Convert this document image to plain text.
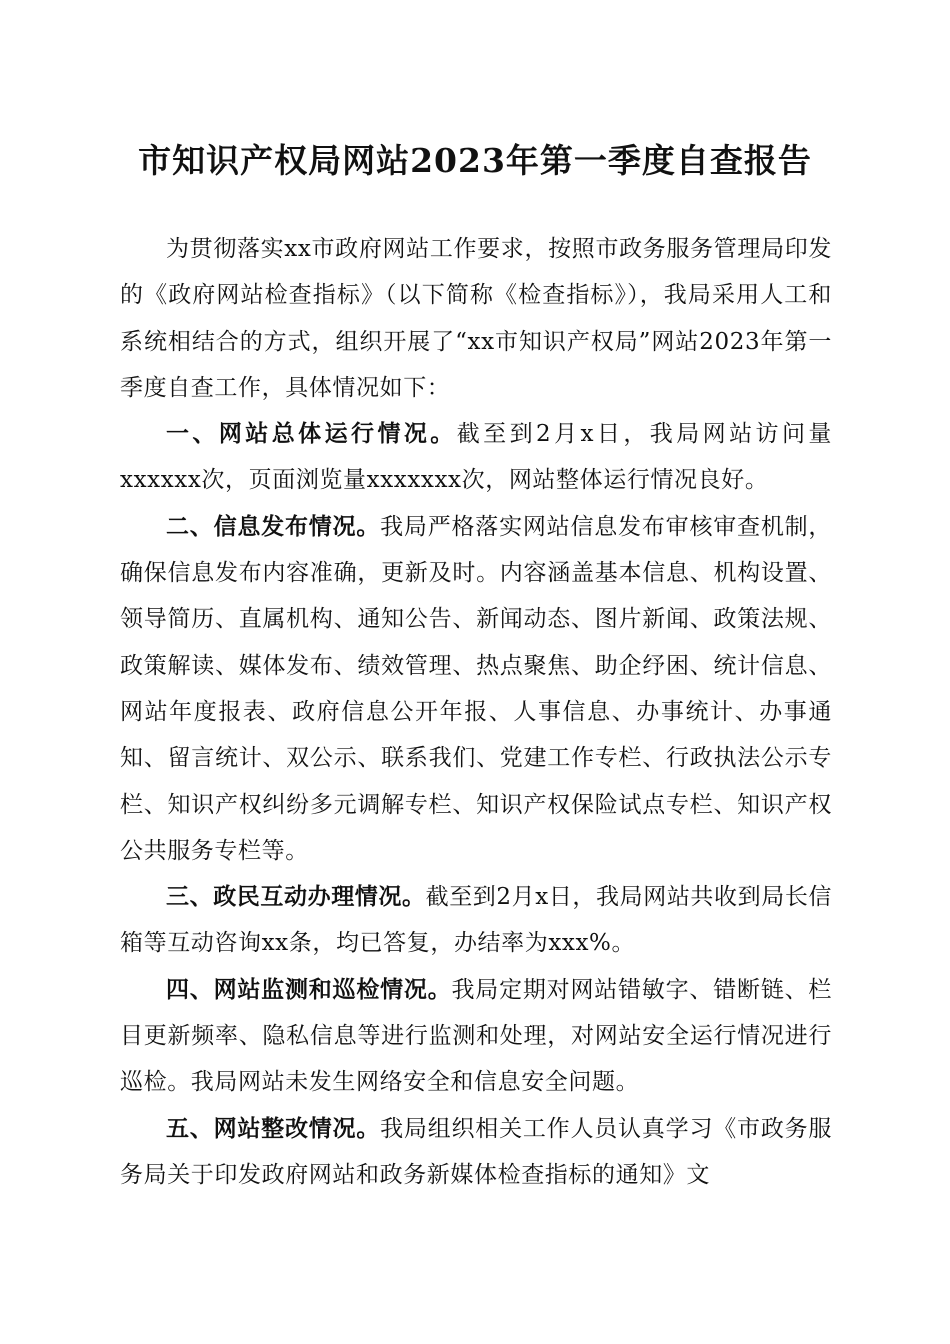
市知识产权局网站2023年第一季度自查报告

为贯彻落实xx市政府网站工作要求，按照市政务服务管理局印发的《政府网站检查指标》（以下简称《检查指标》），我局采用人工和系统相结合的方式，组织开展了“xx市知识产权局”网站2023年第一季度自查工作，具体情况如下：

一、网站总体运行情况。截至到2月x日，我局网站访问量xxxxxx次，页面浏览量xxxxxxx次，网站整体运行情况良好。

二、信息发布情况。我局严格落实网站信息发布审核审查机制，确保信息发布内容准确，更新及时。内容涵盖基本信息、机构设置、领导简历、直属机构、通知公告、新闻动态、图片新闻、政策法规、政策解读、媒体发布、绩效管理、热点聚焦、助企纾困、统计信息、网站年度报表、政府信息公开年报、人事信息、办事统计、办事通知、留言统计、双公示、联系我们、党建工作专栏、行政执法公示专栏、知识产权纠纷多元调解专栏、知识产权保险试点专栏、知识产权公共服务专栏等。

三、政民互动办理情况。截至到2月x日，我局网站共收到局长信箱等互动咨询xx条，均已答复，办结率为xxx%。

四、网站监测和巡检情况。我局定期对网站错敏字、错断链、栏目更新频率、隐私信息等进行监测和处理，对网站安全运行情况进行巡检。我局网站未发生网络安全和信息安全问题。

五、网站整改情况。我局组织相关工作人员认真学习《市政务服务局关于印发政府网站和政务新媒体检查指标的通知》文
